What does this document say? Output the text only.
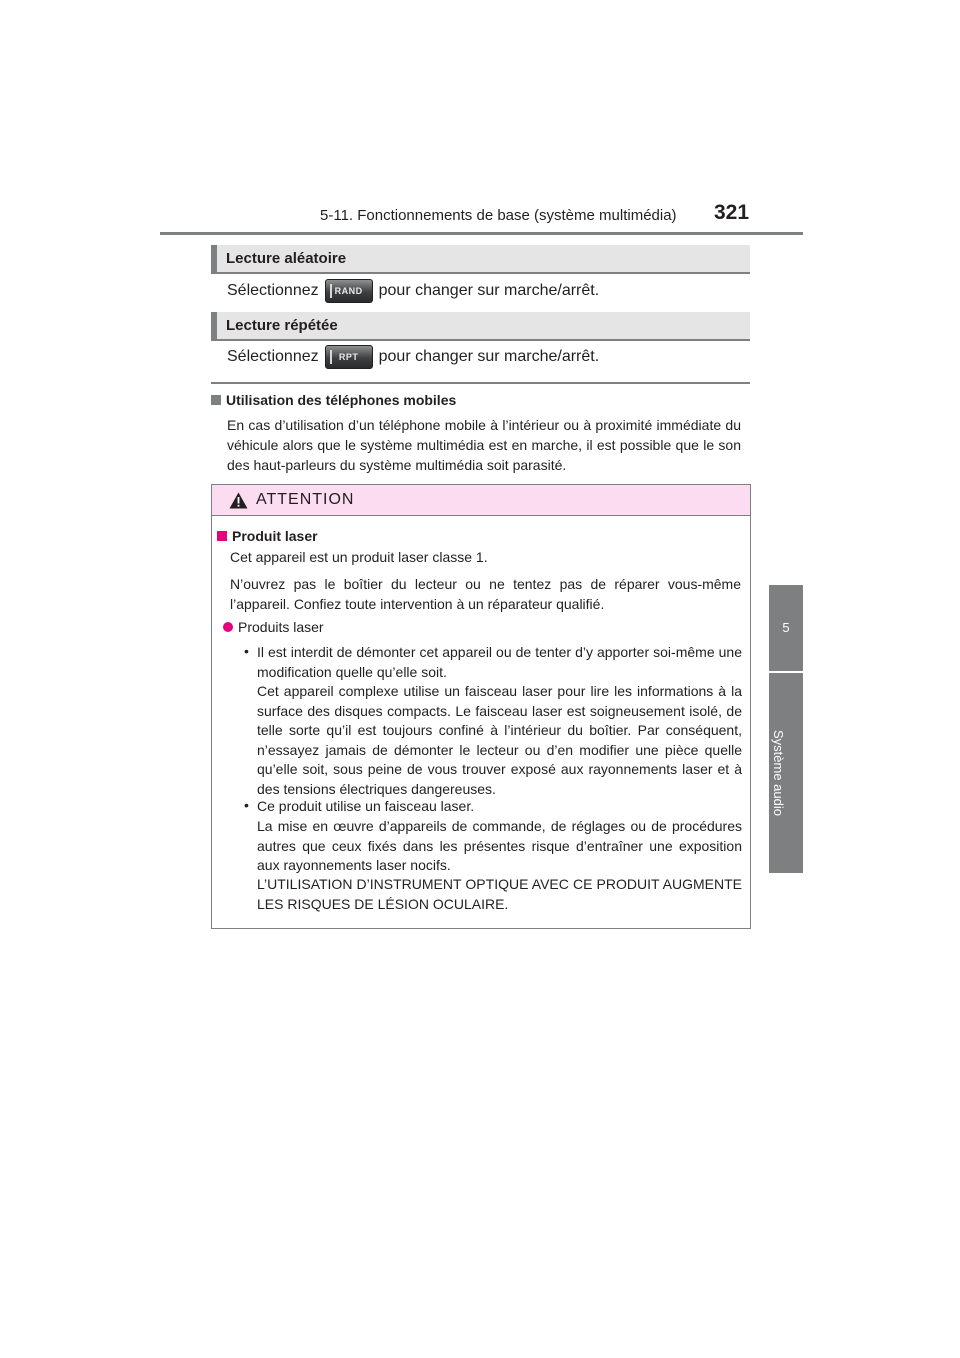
5-11. Fonctionnements de base (système multimédia) 321
5
Système audio
Lecture aléatoire
Sélectionnez	RAND	pour changer sur marche/arrêt.
Lecture répétée
Sélectionnez	RPT	pour changer sur marche/arrêt.
Utilisation des téléphones mobiles
En cas d’utilisation d’un téléphone mobile à l’intérieur ou à proximité immédiate du véhicule alors que le système multimédia est en marche, il est possible que le son des haut-parleurs du système multimédia soit parasité.
ATTENTION
Produit laser
Cet appareil est un produit laser classe 1.
N’ouvrez pas le boîtier du lecteur ou ne tentez pas de réparer vous-même l’appareil. Confiez toute intervention à un réparateur qualifié.
Produits laser
• Il est interdit de démonter cet appareil ou de tenter d’y apporter soi-même une modification quelle qu’elle soit.
Cet appareil complexe utilise un faisceau laser pour lire les informations à la surface des disques compacts. Le faisceau laser est soigneusement isolé, de telle sorte qu’il est toujours confiné à l’intérieur du boîtier. Par conséquent, n’essayez jamais de démonter le lecteur ou d’en modifier une pièce quelle qu’elle soit, sous peine de vous trouver exposé aux rayonnements laser et à des tensions électriques dangereuses.
• Ce produit utilise un faisceau laser.
La mise en œuvre d’appareils de commande, de réglages ou de procédures autres que ceux fixés dans les présentes risque d’entraîner une exposition aux rayonnements laser nocifs.
L’UTILISATION D’INSTRUMENT OPTIQUE AVEC CE PRODUIT AUGMENTE LES RISQUES DE LÉSION OCULAIRE.
